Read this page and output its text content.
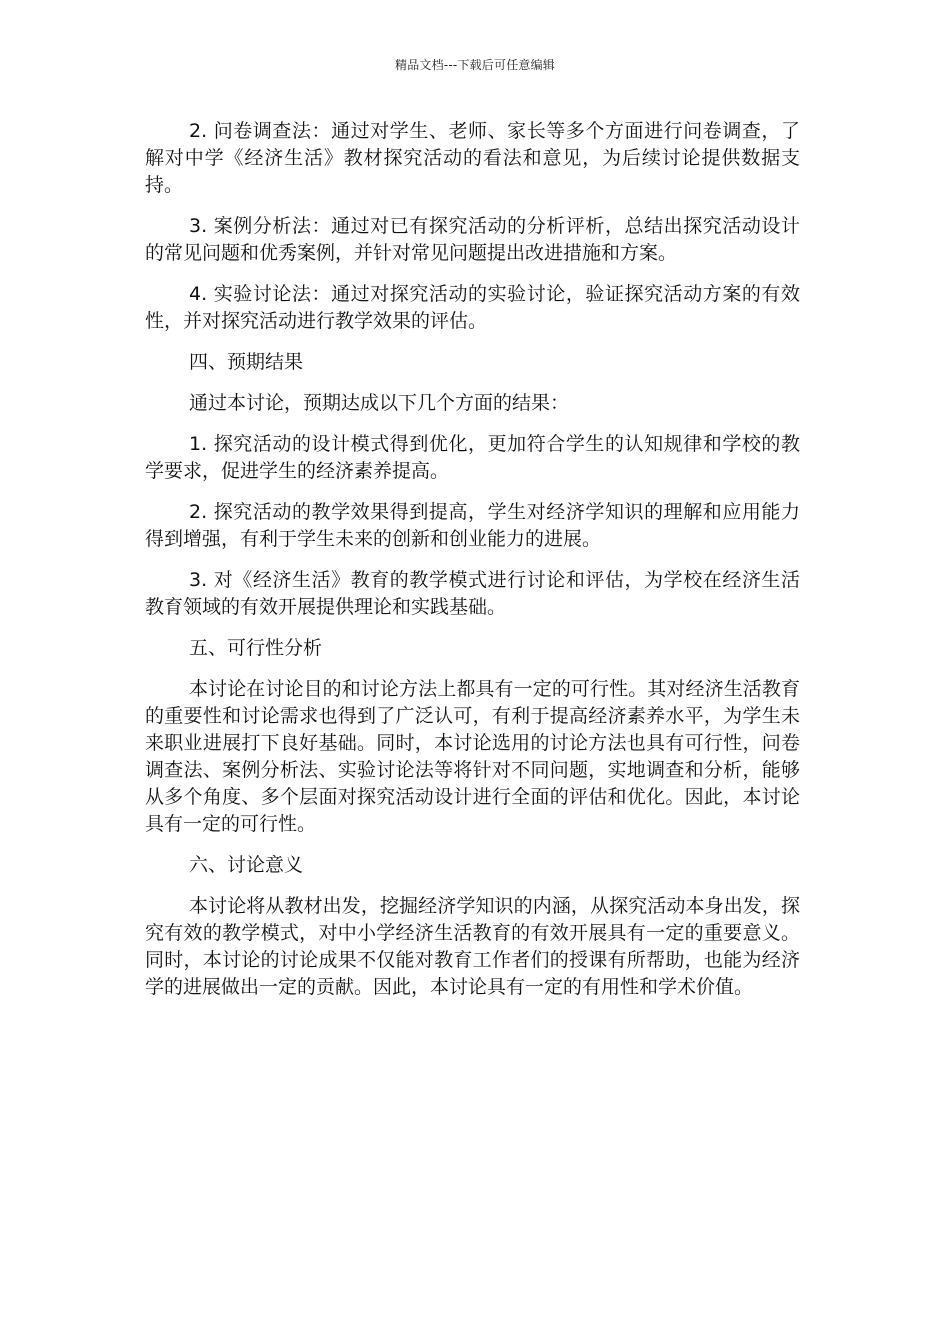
精品文档---下载后可任意编辑

2. 问卷调查法：通过对学生、老师、家长等多个方面进行问卷调查，了解对中学《经济生活》教材探究活动的看法和意见，为后续讨论提供数据支持。

3. 案例分析法：通过对已有探究活动的分析评析，总结出探究活动设计的常见问题和优秀案例，并针对常见问题提出改进措施和方案。

4. 实验讨论法：通过对探究活动的实验讨论，验证探究活动方案的有效性，并对探究活动进行教学效果的评估。

四、预期结果

通过本讨论，预期达成以下几个方面的结果：

1. 探究活动的设计模式得到优化，更加符合学生的认知规律和学校的教学要求，促进学生的经济素养提高。

2. 探究活动的教学效果得到提高，学生对经济学知识的理解和应用能力得到增强，有利于学生未来的创新和创业能力的进展。

3. 对《经济生活》教育的教学模式进行讨论和评估，为学校在经济生活教育领域的有效开展提供理论和实践基础。

五、可行性分析

本讨论在讨论目的和讨论方法上都具有一定的可行性。其对经济生活教育的重要性和讨论需求也得到了广泛认可，有利于提高经济素养水平，为学生未来职业进展打下良好基础。同时，本讨论选用的讨论方法也具有可行性，问卷调查法、案例分析法、实验讨论法等将针对不同问题，实地调查和分析，能够从多个角度、多个层面对探究活动设计进行全面的评估和优化。因此，本讨论具有一定的可行性。

六、讨论意义

本讨论将从教材出发，挖掘经济学知识的内涵，从探究活动本身出发，探究有效的教学模式，对中小学经济生活教育的有效开展具有一定的重要意义。同时，本讨论的讨论成果不仅能对教育工作者们的授课有所帮助，也能为经济学的进展做出一定的贡献。因此，本讨论具有一定的有用性和学术价值。
